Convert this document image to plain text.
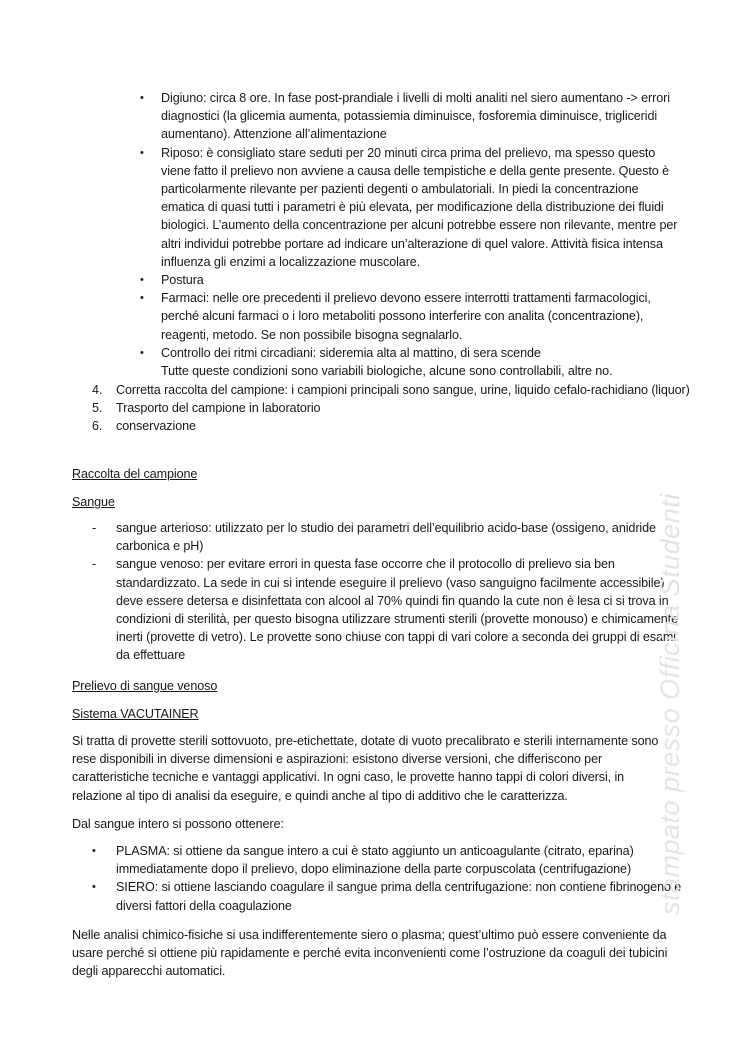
• Digiuno: circa 8 ore. In fase post-prandiale i livelli di molti analiti nel siero aumentano -> errori diagnostici (la glicemia aumenta, potassiemia diminuisce, fosforemia diminuisce, trigliceridi aumentano). Attenzione all’alimentazione

• Riposo: è consigliato stare seduti per 20 minuti circa prima del prelievo, ma spesso questo viene fatto il prelievo non avviene a causa delle tempistiche e della gente presente. Questo è particolarmente rilevante per pazienti degenti o ambulatoriali. In piedi la concentrazione ematica di quasi tutti i parametri è più elevata, per modificazione della distribuzione dei fluidi biologici. L’aumento della concentrazione per alcuni potrebbe essere non rilevante, mentre per altri individui potrebbe portare ad indicare un’alterazione di quel valore. Attività fisica intensa influenza gli enzimi a localizzazione muscolare.

• Postura

• Farmaci: nelle ore precedenti il prelievo devono essere interrotti trattamenti farmacologici, perché alcuni farmaci o i loro metaboliti possono interferire con analita (concentrazione), reagenti, metodo. Se non possibile bisogna segnalarlo.

• Controllo dei ritmi circadiani: sideremia alta al mattino, di sera scende

Tutte queste condizioni sono variabili biologiche, alcune sono controllabili, altre no.

4. Corretta raccolta del campione: i campioni principali sono sangue, urine, liquido cefalo-rachidiano (liquor)

5. Trasporto del campione in laboratorio

6. conservazione

Raccolta del campione

Sangue

- sangue arterioso: utilizzato per lo studio dei parametri dell’equilibrio acido-base (ossigeno, anidride carbonica e pH)

- sangue venoso: per evitare errori in questa fase occorre che il protocollo di prelievo sia ben standardizzato. La sede in cui si intende eseguire il prelievo (vaso sanguigno facilmente accessibile) deve essere detersa e disinfettata con alcool al 70% quindi fin quando la cute non è lesa ci si trova in condizioni di sterilità, per questo bisogna utilizzare strumenti sterili (provette monouso) e chimicamente inerti (provette di vetro). Le provette sono chiuse con tappi di vari colore a seconda dei gruppi di esami da effettuare

Prelievo di sangue venoso

Sistema VACUTAINER

Si tratta di provette sterili sottovuoto, pre-etichettate, dotate di vuoto precalibrato e sterili internamente sono rese disponibili in diverse dimensioni e aspirazioni: esistono diverse versioni, che differiscono per caratteristiche tecniche e vantaggi applicativi. In ogni caso, le provette hanno tappi di colori diversi, in relazione al tipo di analisi da eseguire, e quindi anche al tipo di additivo che le caratterizza.

Dal sangue intero si possono ottenere:

• PLASMA: si ottiene da sangue intero a cui è stato aggiunto un anticoagulante (citrato, eparina) immediatamente dopo il prelievo, dopo eliminazione della parte corpuscolata (centrifugazione)

• SIERO: si ottiene lasciando coagulare il sangue prima della centrifugazione: non contiene fibrinogeno e diversi fattori della coagulazione

Nelle analisi chimico-fisiche si usa indifferentemente siero o plasma; quest’ultimo può essere conveniente da usare perché si ottiene più rapidamente e perché evita inconvenienti come l’ostruzione da coaguli dei tubicini degli apparecchi automatici.

stampato presso Officina Studenti
